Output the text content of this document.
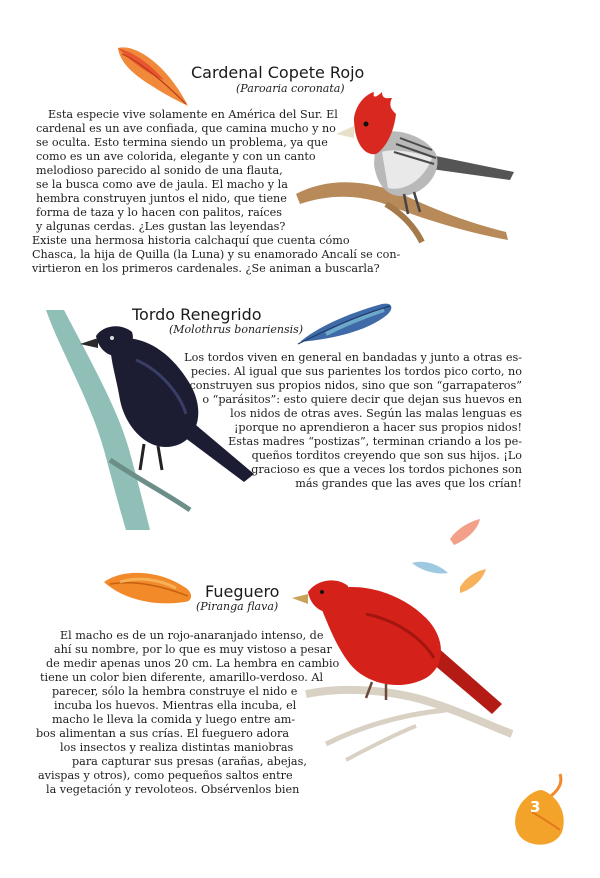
Cardenal Copete Rojo
(Paroaria coronata)
Esta especie vive solamente en América del Sur. El
cardenal es un ave confiada, que camina mucho y no
se oculta. Esto termina siendo un problema, ya que
como es un ave colorida, elegante y con un canto
melodioso parecido al sonido de una flauta,
se la busca como ave de jaula. El macho y la
hembra construyen juntos el nido, que tiene
forma de taza y lo hacen con palitos, raíces
y algunas cerdas. ¿Les gustan las leyendas?
Existe una hermosa historia calchaquí que cuenta cómo
Chasca, la hija de Quilla (la Luna) y su enamorado Ancalí se con-
virtieron en los primeros cardenales. ¿Se animan a buscarla?
Tordo Renegrido
(Molothrus bonariensis)
Los tordos viven en general en bandadas y junto a otras es-
pecies. Al igual que sus parientes los tordos pico corto, no
construyen sus propios nidos, sino que son “garrapateros”
o “parásitos”: esto quiere decir que dejan sus huevos en
los nidos de otras aves. Según las malas lenguas es
¡porque no aprendieron a hacer sus propios nidos!
Estas madres “postizas”, terminan criando a los pe-
queños torditos creyendo que son sus hijos. ¡Lo
gracioso es que a veces los tordos pichones son
más grandes que las aves que los crían!
Fueguero
(Piranga flava)
El macho es de un rojo-anaranjado intenso, de
ahí su nombre, por lo que es muy vistoso a pesar
de medir apenas unos 20 cm. La hembra en cambio
tiene un color bien diferente, amarillo-verdoso. Al
parecer, sólo la hembra construye el nido e
incuba los huevos. Mientras ella incuba, el
macho le lleva la comida y luego entre am-
bos alimentan a sus crías. El fueguero adora
los insectos y realiza distintas maniobras
para capturar sus presas (arañas, abejas,
avispas y otros), como pequeños saltos entre
la vegetación y revoloteos. Obsérvenlos bien
3
